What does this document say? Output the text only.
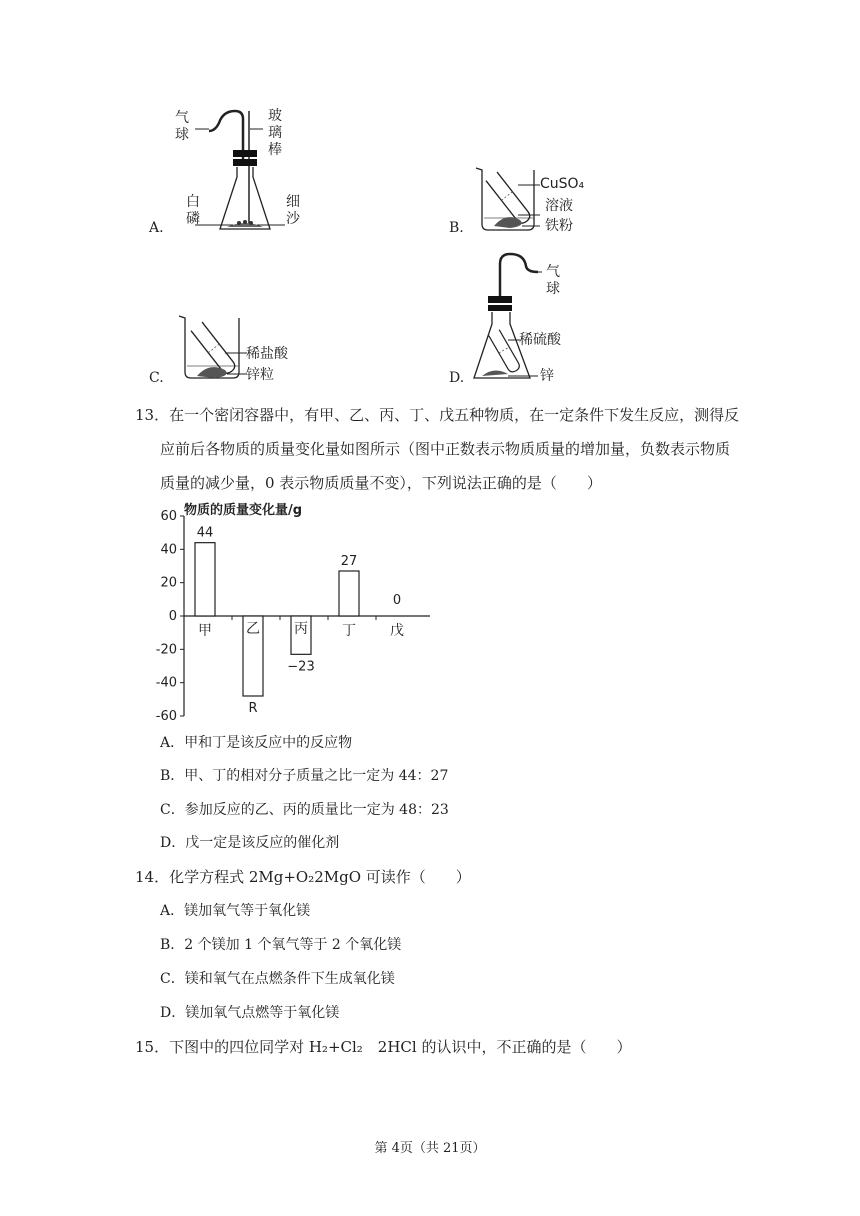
气
球
玻
璃
棒
白
磷
细
沙
A.
CuSO₄
溶液
铁粉
B.
稀盐酸
锌粒
C.
气
球
稀硫酸
锌
D.
13．在一个密闭容器中，有甲、乙、丙、丁、戊五种物质，在一定条件下发生反应，测得反
应前后各物质的质量变化量如图所示（图中正数表示物质质量的增加量，负数表示物质
质量的减少量，0 表示物质质量不变），下列说法正确的是（　　）
物质的质量变化量/g
60
40
20
0
-20
-40
-60
甲
44
乙
R
丙
−23
丁
27
戊
0
A．甲和丁是该反应中的反应物
B．甲、丁的相对分子质量之比一定为 44：27
C．参加反应的乙、丙的质量比一定为 48：23
D．戊一定是该反应的催化剂
14．化学方程式 2Mg+O₂2MgO 可读作（　　）
A．镁加氧气等于氧化镁
B．2 个镁加 1 个氧气等于 2 个氧化镁
C．镁和氧气在点燃条件下生成氧化镁
D．镁加氧气点燃等于氧化镁
15．下图中的四位同学对 H₂+Cl₂　2HCl 的认识中，不正确的是（　　）
第 4页（共 21页）
